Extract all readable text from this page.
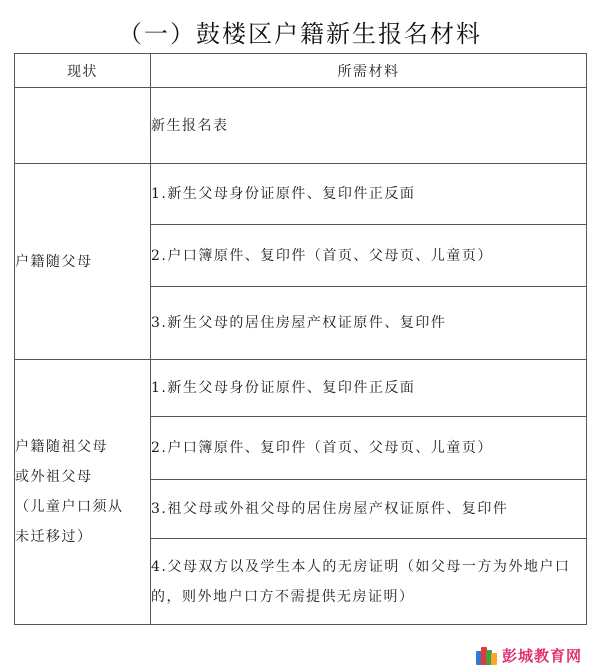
（一）鼓楼区户籍新生报名材料
现状	所需材料
	新生报名表
户籍随父母	1.新生父母身份证原件、复印件正反面
	2.户口簿原件、复印件（首页、父母页、儿童页）
	3.新生父母的居住房屋产权证原件、复印件

户籍随祖父母
或外祖父母
（儿童户口须从
未迁移过）	1.新生父母身份证原件、复印件正反面
	2.户口簿原件、复印件（首页、父母页、儿童页）
	3.祖父母或外祖父母的居住房屋产权证原件、复印件
	4.父母双方以及学生本人的无房证明（如父母一方为外地户口的，则外地户口方不需提供无房证明）
彭城教育网
